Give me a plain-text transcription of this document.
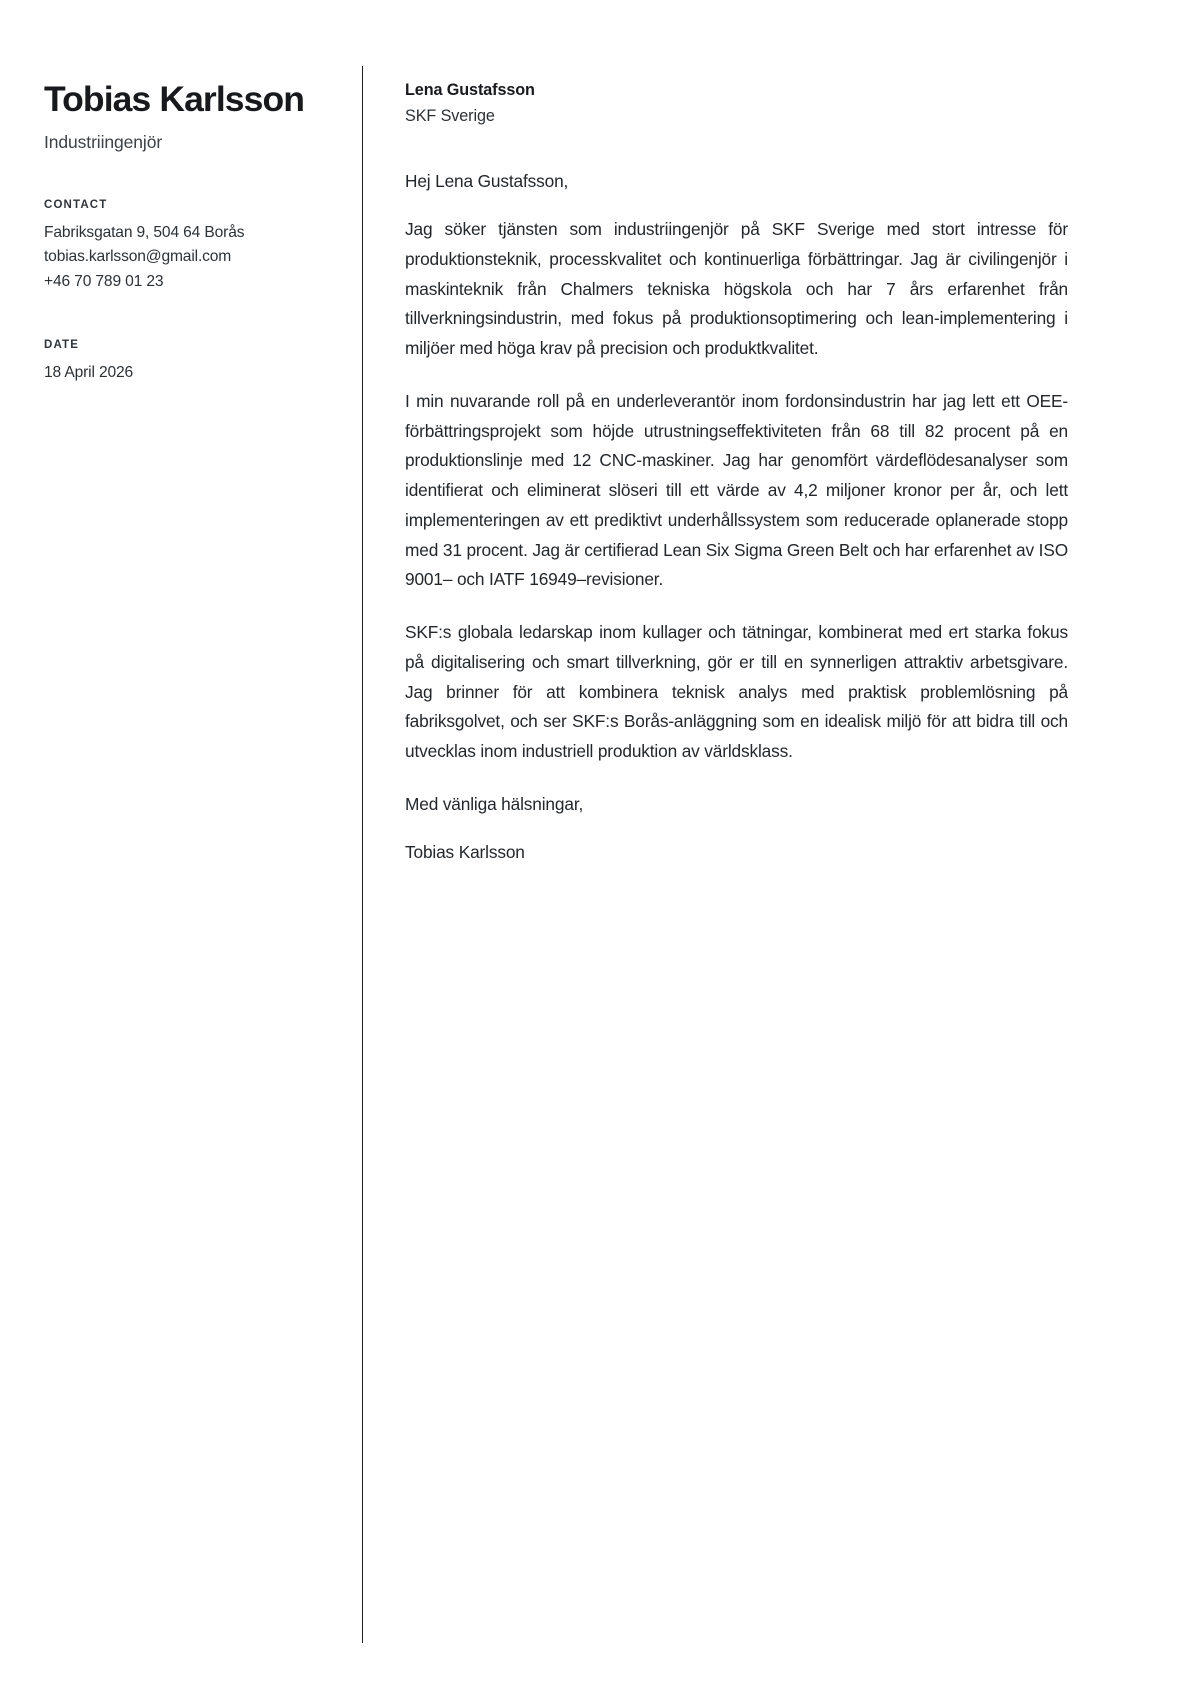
Tobias Karlsson
Industriingenjör
CONTACT
Fabriksgatan 9, 504 64 Borås
tobias.karlsson@gmail.com
+46 70 789 01 23
DATE
18 April 2026
Lena Gustafsson
SKF Sverige

Hej Lena Gustafsson,

Jag söker tjänsten som industriingenjör på SKF Sverige med stort intresse för produktionsteknik, processkvalitet och kontinuerliga förbättringar. Jag är civilingenjör i maskinteknik från Chalmers tekniska högskola och har 7 års erfarenhet från tillverkningsindustrin, med fokus på produktionsoptimering och lean-implementering i miljöer med höga krav på precision och produktkvalitet.

I min nuvarande roll på en underleverantör inom fordonsindustrin har jag lett ett OEE-förbättringsprojekt som höjde utrustningseffektiviteten från 68 till 82 procent på en produktionslinje med 12 CNC-maskiner. Jag har genomfört värdeflödesanalyser som identifierat och eliminerat slöseri till ett värde av 4,2 miljoner kronor per år, och lett implementeringen av ett prediktivt underhållssystem som reducerade oplanerade stopp med 31 procent. Jag är certifierad Lean Six Sigma Green Belt och har erfarenhet av ISO 9001– och IATF 16949–revisioner.

SKF:s globala ledarskap inom kullager och tätningar, kombinerat med ert starka fokus på digitalisering och smart tillverkning, gör er till en synnerligen attraktiv arbetsgivare. Jag brinner för att kombinera teknisk analys med praktisk problemlösning på fabriksgolvet, och ser SKF:s Borås-anläggning som en idealisk miljö för att bidra till och utvecklas inom industriell produktion av världsklass.

Med vänliga hälsningar,

Tobias Karlsson
